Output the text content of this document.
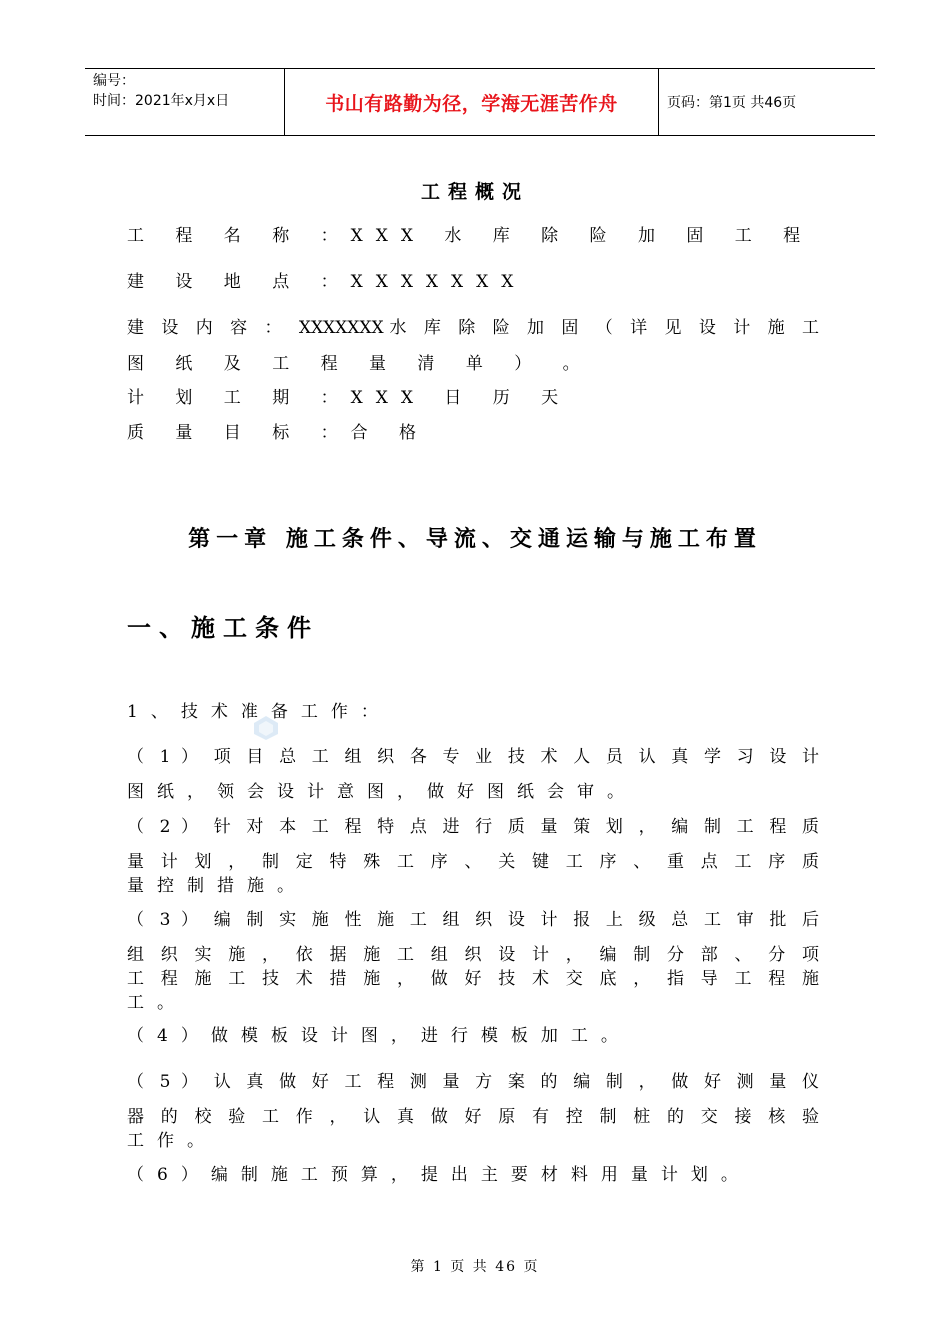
编号：
时间：2021年x月x日	书山有路勤为径，学海无涯苦作舟	页码：第1页 共46页
工程概况
工 程 名 称 ：XXX 水 库 除 险 加 固 工 程
建 设 地 点 ：XXXXXXX
建 设 内 容 ： XXXXXXX水 库 除 险 加 固 （ 详 见 设 计 施 工
图 纸 及 工 程 量 清 单 ） 。
计 划 工 期 ：XXX 日 历 天
质 量 目 标 ：合 格
第一章 施工条件、导流、交通运输与施工布置
一、施工条件
1、技术准备工作：
（ 1 ） 项 目 总 工 组 织 各 专 业 技 术 人 员 认 真 学 习 设 计
图纸，领会设计意图，做好图纸会审。
（ 2 ） 针 对 本 工 程 特 点 进 行 质 量 策 划 ， 编 制 工 程 质
量 计 划 ， 制 定 特 殊 工 序 、 关 键 工 序 、 重 点 工 序 质
量控制措施。
（ 3 ） 编 制 实 施 性 施 工 组 织 设 计 报 上 级 总 工 审 批 后
组 织 实 施 ， 依 据 施 工 组 织 设 计 ， 编 制 分 部 、 分 项
工 程 施 工 技 术 措 施 ， 做 好 技 术 交 底 ， 指 导 工 程 施
工。
（4）做模板设计图，进行模板加工。
（ 5 ） 认 真 做 好 工 程 测 量 方 案 的 编 制 ， 做 好 测 量 仪
器 的 校 验 工 作 ， 认 真 做 好 原 有 控 制 桩 的 交 接 核 验
工作。
（6）编制施工预算，提出主要材料用量计划。
第 1 页 共 46 页
